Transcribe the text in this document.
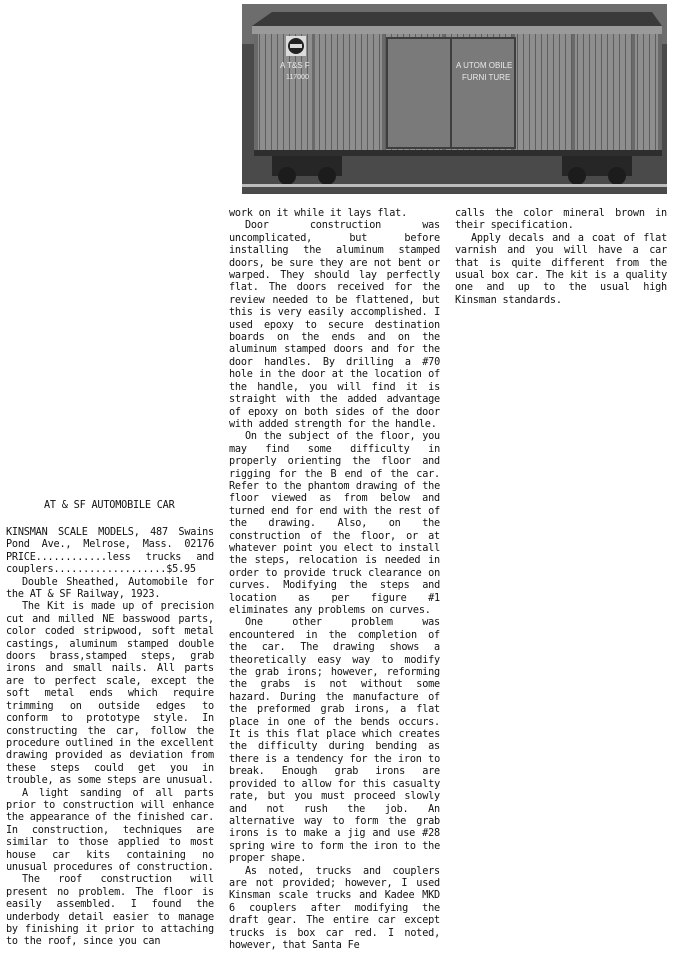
A T&S F
117000
A UTOM OBILE
FURNI TURE
AT & SF AUTOMOBILE CAR

KINSMAN SCALE MODELS, 487 Swains Pond Ave., Melrose, Mass. 02176 PRICE............less trucks and couplers...................$5.95

Double Sheathed, Automobile for the AT & SF Railway, 1923.

The Kit is made up of precision cut and milled NE basswood parts, color coded stripwood, soft metal castings, aluminum stamped double doors brass,stamped steps, grab irons and small nails. All parts are to perfect scale, except the soft metal ends which require trimming on outside edges to conform to prototype style. In constructing the car, follow the procedure outlined in the excellent drawing provided as deviation from these steps could get you in trouble, as some steps are unusual.

A light sanding of all parts prior to construction will enhance the appearance of the finished car. In construction, techniques are similar to those applied to most house car kits containing no unusual procedures of construction.

The roof construction will present no problem. The floor is easily assembled. I found the underbody detail easier to manage by finishing it prior to attaching to the roof, since you can

work on it while it lays flat.

Door construction was uncomplicated, but before installing the aluminum stamped doors, be sure they are not bent or warped. They should lay perfectly flat. The doors received for the review needed to be flattened, but this is very easily accomplished. I used epoxy to secure destination boards on the ends and on the aluminum stamped doors and for the door handles. By drilling a #70 hole in the door at the location of the handle, you will find it is straight with the added advantage of epoxy on both sides of the door with added strength for the handle.

On the subject of the floor, you may find some difficulty in properly orienting the floor and rigging for the B end of the car. Refer to the phantom drawing of the floor viewed as from below and turned end for end with the rest of the drawing. Also, on the construction of the floor, or at whatever point you elect to install the steps, relocation is needed in order to provide truck clearance on curves. Modifying the steps and location as per figure #1 eliminates any problems on curves.

One other problem was encountered in the completion of the car. The drawing shows a theoretically easy way to modify the grab irons; however, reforming the grabs is not without some hazard. During the manufacture of the preformed grab irons, a flat place in one of the bends occurs. It is this flat place which creates the difficulty during bending as there is a tendency for the iron to break. Enough grab irons are provided to allow for this casualty rate, but you must proceed slowly and not rush the job. An alternative way to form the grab irons is to make a jig and use #28 spring wire to form the iron to the proper shape.

As noted, trucks and couplers are not provided; however, I used Kinsman scale trucks and Kadee MKD 6 couplers after modifying the draft gear. The entire car except trucks is box car red. I noted, however, that Santa Fe

calls the color mineral brown in their specification.

Apply decals and a coat of flat varnish and you will have a car that is quite different from the usual box car. The kit is a quality one and up to the usual high Kinsman standards.
